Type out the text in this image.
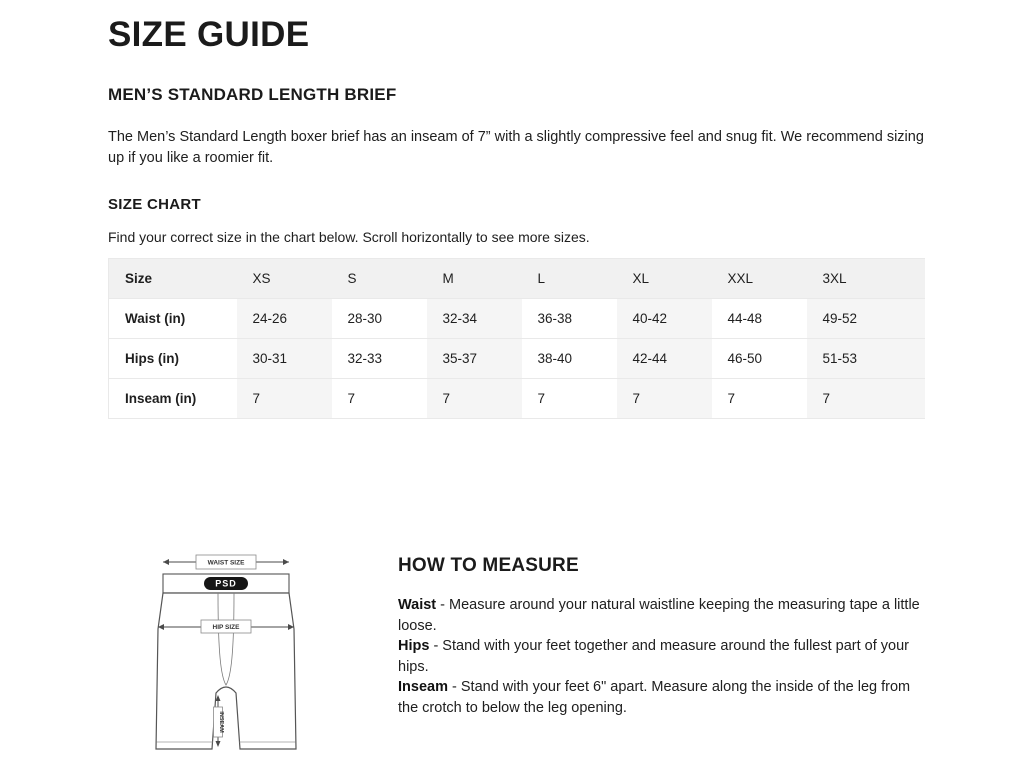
SIZE GUIDE
MEN’S STANDARD LENGTH BRIEF

The Men’s Standard Length boxer brief has an inseam of 7” with a slightly compressive feel and snug fit. We recommend sizing up if you like a roomier fit.

SIZE CHART

Find your correct size in the chart below. Scroll horizontally to see more sizes.

Size	XS	S	M	L	XL	XXL	3XL	
Waist (in)	24-26	28-30	32-34	36-38	40-42	44-48	49-52	
Hips (in)	30-31	32-33	35-37	38-40	42-44	46-50	51-53	
Inseam (in)	7	7	7	7	7	7	7	
WAIST SIZE
PSD
HIP SIZE
INSEAM
HOW TO MEASURE

Waist - Measure around your natural waistline keeping the measuring tape a little loose.

Hips - Stand with your feet together and measure around the fullest part of your hips.

Inseam - Stand with your feet 6" apart. Measure along the inside of the leg from the crotch to below the leg opening.
